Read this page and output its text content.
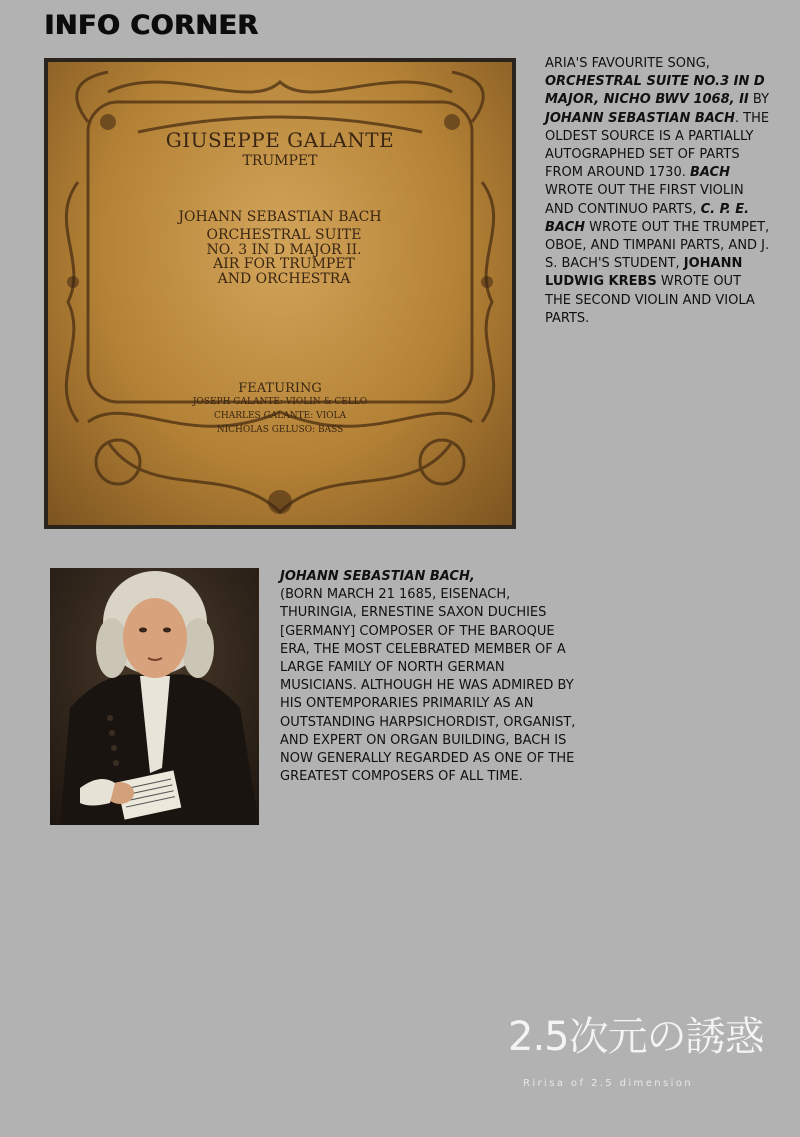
INFO CORNER
GIUSEPPE GALANTE
TRUMPET
JOHANN SEBASTIAN BACH
ORCHESTRAL SUITE NO. 3 IN D MAJOR II. AIR FOR TRUMPET AND ORCHESTRA
FEATURING
JOSEPH GALANTE: VIOLIN & CELLO
CHARLES GALANTE: VIOLA
NICHOLAS GELUSO: BASS

ARIA'S FAVOURITE SONG, ORCHESTRAL SUITE NO.3 IN D MAJOR, NICHO BWV 1068, II BY JOHANN SEBASTIAN BACH. THE OLDEST SOURCE IS A PARTIALLY AUTOGRAPHED SET OF PARTS FROM AROUND 1730. BACH WROTE OUT THE FIRST VIOLIN AND CONTINUO PARTS, C. P. E. BACH WROTE OUT THE TRUMPET, OBOE, AND TIMPANI PARTS, AND J. S. BACH'S STUDENT, JOHANN LUDWIG KREBS WROTE OUT THE SECOND VIOLIN AND VIOLA PARTS.

JOHANN SEBASTIAN BACH,
(BORN MARCH 21 1685, EISENACH, THURINGIA, ERNESTINE SAXON DUCHIES [GERMANY] COMPOSER OF THE BAROQUE ERA, THE MOST CELEBRATED MEMBER OF A LARGE FAMILY OF NORTH GERMAN MUSICIANS. ALTHOUGH HE WAS ADMIRED BY HIS ONTEMPORARIES PRIMARILY AS AN OUTSTANDING HARPSICHORDIST, ORGANIST, AND EXPERT ON ORGAN BUILDING, BACH IS NOW GENERALLY REGARDED AS ONE OF THE GREATEST COMPOSERS OF ALL TIME.

2.5次元の誘惑
Ririsa of 2.5 dimension
